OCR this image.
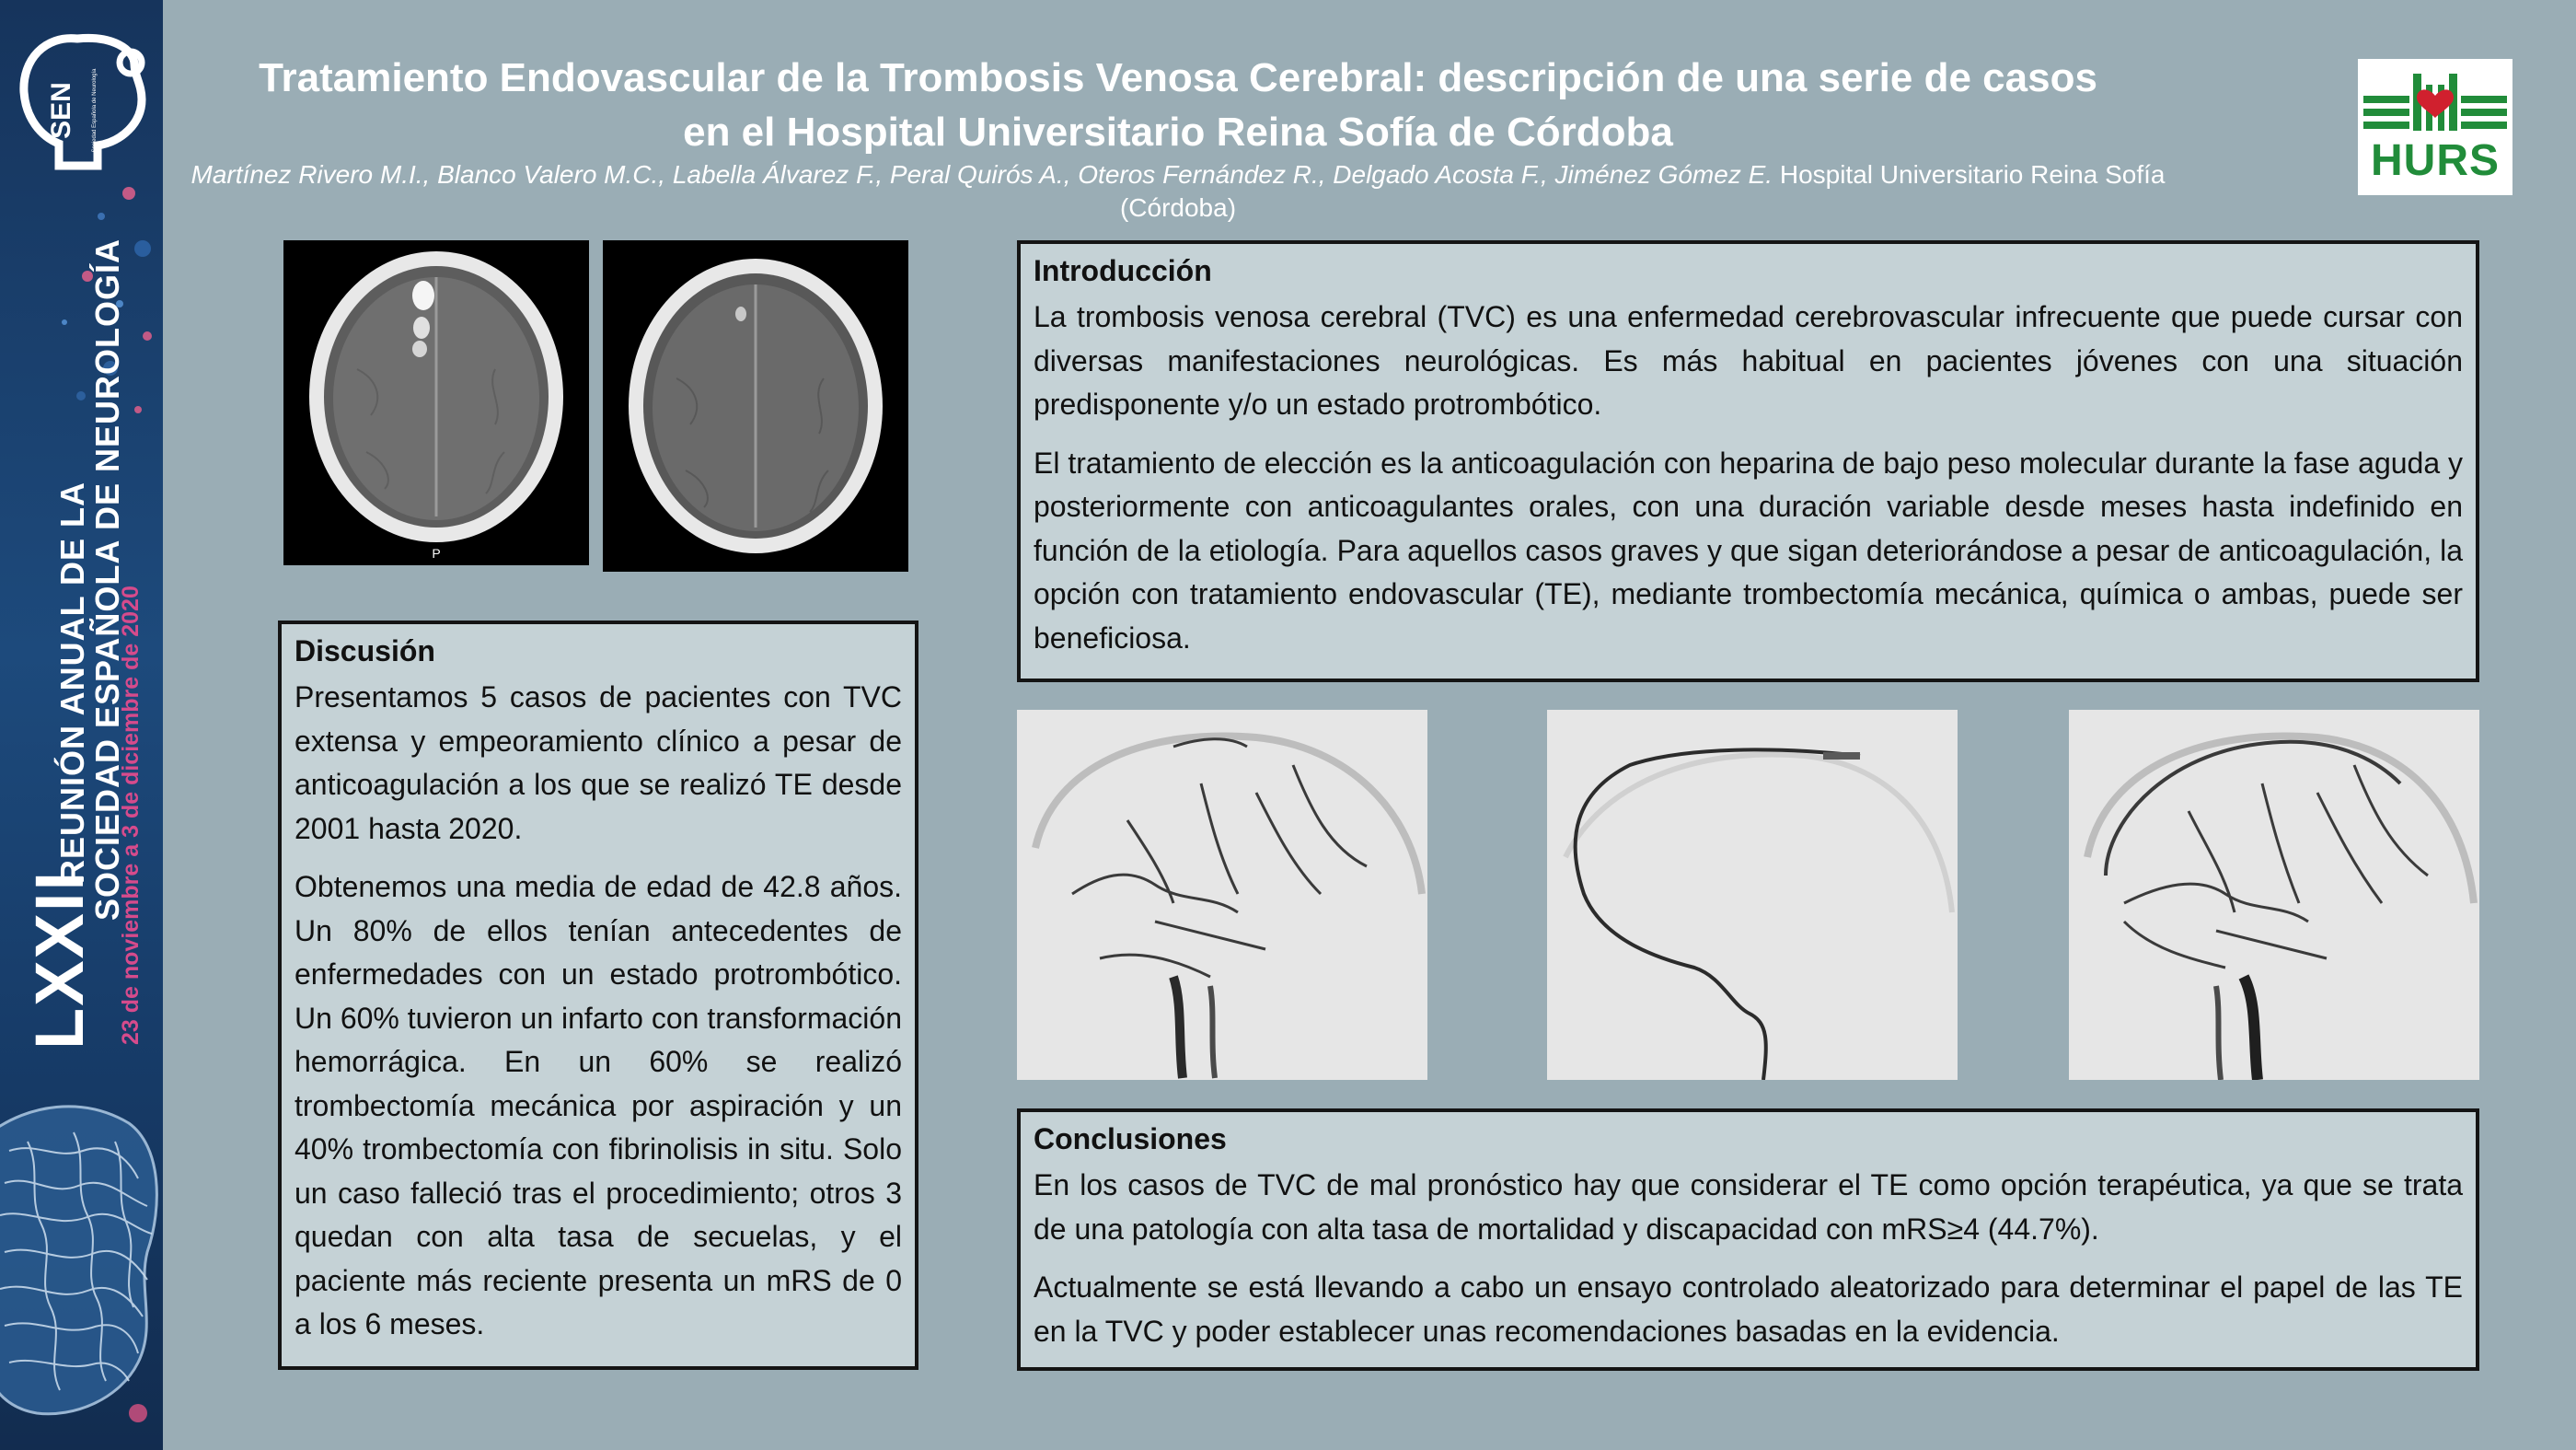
SEN	Sociedad Española de Neurología
LXXII
REUNIÓN ANUAL DE LA
SOCIEDAD ESPAÑOLA DE NEUROLOGÍA
23 de noviembre a 3 de diciembre de 2020
Tratamiento Endovascular de la Trombosis Venosa Cerebral: descripción de una serie de casos en el Hospital Universitario Reina Sofía de Córdoba
Martínez Rivero M.I., Blanco Valero M.C., Labella Álvarez F., Peral Quirós A., Oteros Fernández R., Delgado Acosta F., Jiménez Gómez E. Hospital Universitario Reina Sofía (Córdoba)
HURS
P
Introducción

La trombosis venosa cerebral (TVC) es una enfermedad cerebrovascular infrecuente que puede cursar con diversas manifestaciones neurológicas. Es más habitual en pacientes jóvenes con una situación predisponente y/o un estado protrombótico.

El tratamiento de elección es la anticoagulación con heparina de bajo peso molecular durante la fase aguda y posteriormente con anticoagulantes orales, con una duración variable desde meses hasta indefinido en función de la etiología. Para aquellos casos graves y que sigan deteriorándose a pesar de anticoagulación, la opción con tratamiento endovascular (TE), mediante trombectomía mecánica, química o ambas, puede ser beneficiosa.

Discusión

Presentamos 5 casos de pacientes con TVC extensa y empeoramiento clínico a pesar de anticoagulación a los que se realizó TE desde 2001 hasta 2020.

Obtenemos una media de edad de 42.8 años. Un 80% de ellos tenían antecedentes de enfermedades con un estado protrombótico. Un 60% tuvieron un infarto con transformación hemorrágica. En un 60% se realizó trombectomía mecánica por aspiración y un 40% trombectomía con fibrinolisis in situ. Solo un caso falleció tras el procedimiento; otros 3 quedan con alta tasa de secuelas, y el paciente más reciente presenta un mRS de 0 a los 6 meses.

Conclusiones

En los casos de TVC de mal pronóstico hay que considerar el TE como opción terapéutica, ya que se trata de una patología con alta tasa de mortalidad y discapacidad con mRS≥4 (44.7%).

Actualmente se está llevando a cabo un ensayo controlado aleatorizado para determinar el papel de las TE en la TVC y poder establecer unas recomendaciones basadas en la evidencia.
